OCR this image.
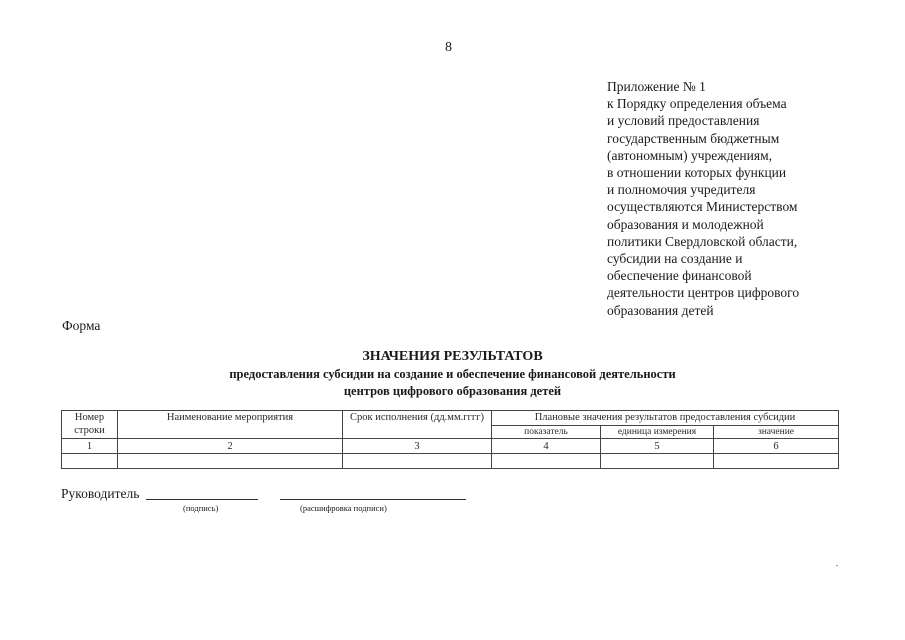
8
Приложение № 1
к Порядку определения объема
и условий предоставления
государственным бюджетным
(автономным) учреждениям,
в отношении которых функции
и полномочия учредителя
осуществляются Министерством
образования и молодежной
политики Свердловской области,
субсидии на создание и
обеспечение финансовой
деятельности центров цифрового
образования детей
Форма
ЗНАЧЕНИЯ РЕЗУЛЬТАТОВ
предоставления субсидии на создание и обеспечение финансовой деятельности
центров цифрового образования детей
Номер строки	Наименование мероприятия	Срок исполнения (дд.мм.гггг)	Плановые значения результатов предоставления субсидии		
			показатель	единица измерения	значение
1	2	3	4	5	6

Руководитель
(подпись)	(расшифровка подписи)
